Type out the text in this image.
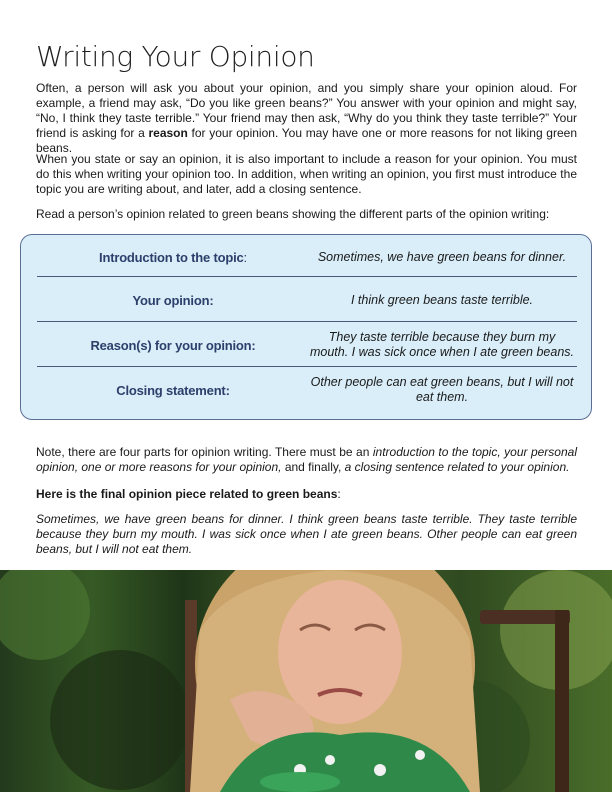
Writing Your Opinion
Often, a person will ask you about your opinion, and you simply share your opinion aloud. For example, a friend may ask, “Do you like green beans?” You answer with your opinion and might say, “No, I think they taste terrible.” Your friend may then ask, “Why do you think they taste terrible?” Your friend is asking for a reason for your opinion. You may have one or more reasons for not liking green beans.
When you state or say an opinion, it is also important to include a reason for your opinion. You must do this when writing your opinion too. In addition, when writing an opinion, you first must introduce the topic you are writing about, and later, add a closing sentence.
Read a person’s opinion related to green beans showing the different parts of the opinion writing:
Note, there are four parts for opinion writing. There must be an introduction to the topic, your personal opinion, one or more reasons for your opinion, and finally, a closing sentence related to your opinion.
Here is the final opinion piece related to green beans:
Sometimes, we have green beans for dinner. I think green beans taste terrible. They taste terrible because they burn my mouth. I was sick once when I ate green beans. Other people can eat green beans, but I will not eat them.
Introduction to the topic :	Sometimes, we have green beans for dinner.
Your opinion:	I think green beans taste terrible.
Reason(s) for your opinion:
They taste terrible because they burn my mouth. I was sick once when I ate green beans.
Closing statement:
Other people can eat green beans, but I will not eat them.
